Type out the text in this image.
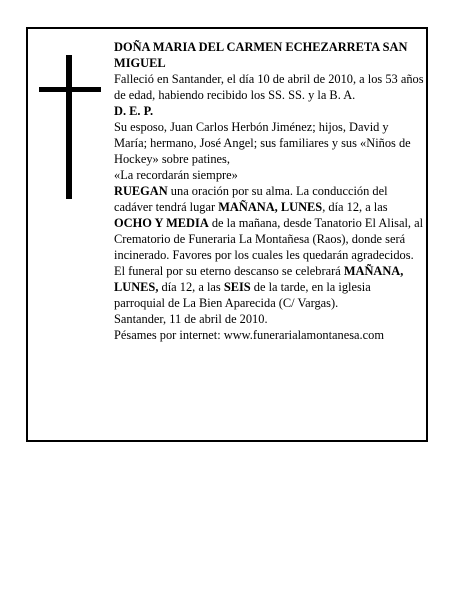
DOÑA MARIA DEL CARMEN ECHEZARRETA SAN MIGUEL

Falleció en Santander, el día 10 de abril de 2010, a los 53 años de edad, habiendo recibido los SS. SS. y la B. A.

D. E. P.

Su esposo, Juan Carlos Herbón Jiménez; hijos, David y María; hermano, José Angel; sus familiares y sus «Niños de Hockey» sobre patines,

«La recordarán siempre»

RUEGAN una oración por su alma. La conducción del cadáver tendrá lugar MAÑANA, LUNES, día 12, a las OCHO Y MEDIA de la mañana, desde Tanatorio El Alisal, al Crematorio de Funeraria La Montañesa (Raos), donde será incinerado. Favores por los cuales les quedarán agradecidos. El funeral por su eterno descanso se celebrará MAÑANA, LUNES, día 12, a las SEIS de la tarde, en la iglesia parroquial de La Bien Aparecida (C/ Vargas).

Santander, 11 de abril de 2010.

Pésames por internet: www.funerarialamontanesa.com
